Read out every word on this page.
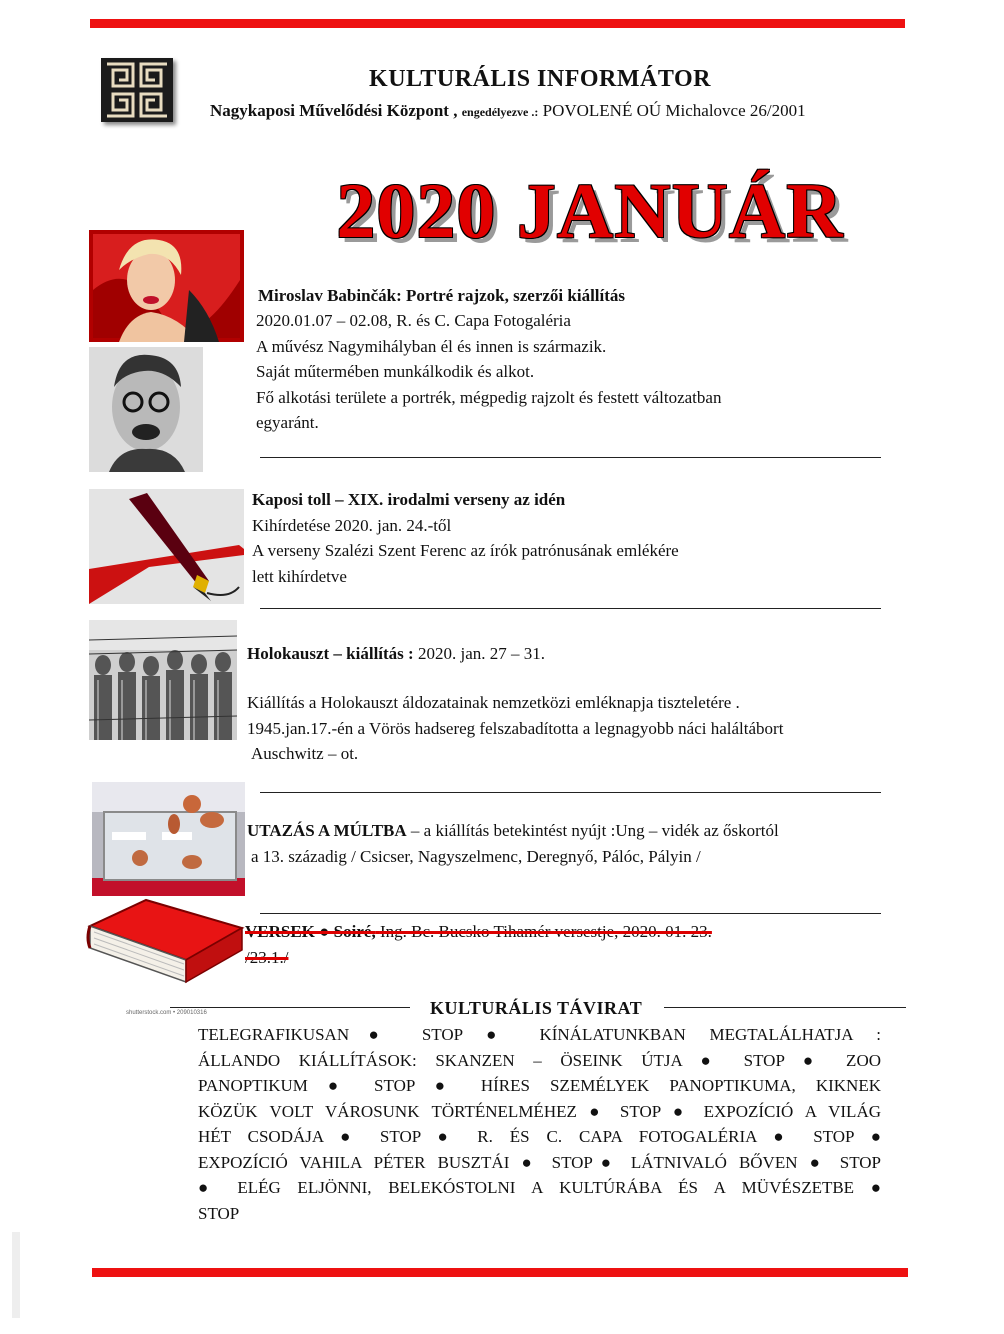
KULTURÁLIS INFORMÁTOR
Nagykaposi Művelődési Központ , engedélyezve .: POVOLENÉ OÚ Michalovce 26/2001
2020 JANUÁR
Miroslav Babinčák: Portré rajzok, szerzői kiállítás
2020.01.07 – 02.08, R. és C. Capa Fotogaléria
A művész Nagymihályban él és innen is származik.
Saját műtermében munkálkodik és alkot.
Fő alkotási területe a portrék, mégpedig rajzolt és festett változatban
egyaránt.
Kaposi toll – XIX. irodalmi verseny az idén
Kihírdetése 2020. jan. 24.-től
A verseny Szalézi Szent Ferenc az írók patrónusának emlékére
lett kihírdetve
Holokauszt – kiállítás : 2020. jan. 27 – 31.
Kiállítás a Holokauszt áldozatainak nemzetközi emléknapja tiszteletére .
1945.jan.17.-én a Vörös hadsereg felszabadította a legnagyobb náci haláltábort
Auschwitz – ot.
UTAZÁS A MÚLTBA – a kiállítás betekintést nyújt :Ung – vidék az őskortól
a 13. századig / Csicser, Nagyszelmenc, Deregnyő, Pálóc, Pályin /
shutterstock.com • 209010316
VERSEK ● Soiré, Ing. Bc. Bucsko Tihamér versestje, 2020. 01. 23.
/23.1./
KULTURÁLIS TÁVIRAT
TELEGRAFIKUSAN● STOP ● KÍNÁLATUNKBAN MEGTALÁLHATJA :
ÁLLANDO KIÁLLÍTÁSOK: SKANZEN – ÖSEINK ÚTJA ● STOP ● ZOO
PANOPTIKUM ● STOP ● HÍRES SZEMÉLYEK PANOPTIKUMA, KIKNEK
KÖZÜK VOLT VÁROSUNK TÖRTÉNELMÉHEZ ● STOP ● EXPOZÍCIÓ A VILÁG
HÉT CSODÁJA ● STOP ● R. ÉS C. CAPA FOTOGALÉRIA ● STOP ●
EXPOZÍCIÓ VAHILA PÉTER BUSZTÁI ● STOP● LÁTNIVALÓ BŐVEN ● STOP
● ELÉG ELJÖNNI, BELEKÓSTOLNI A KULTÚRÁBA ÉS A MÜVÉSZETBE ●
STOP
